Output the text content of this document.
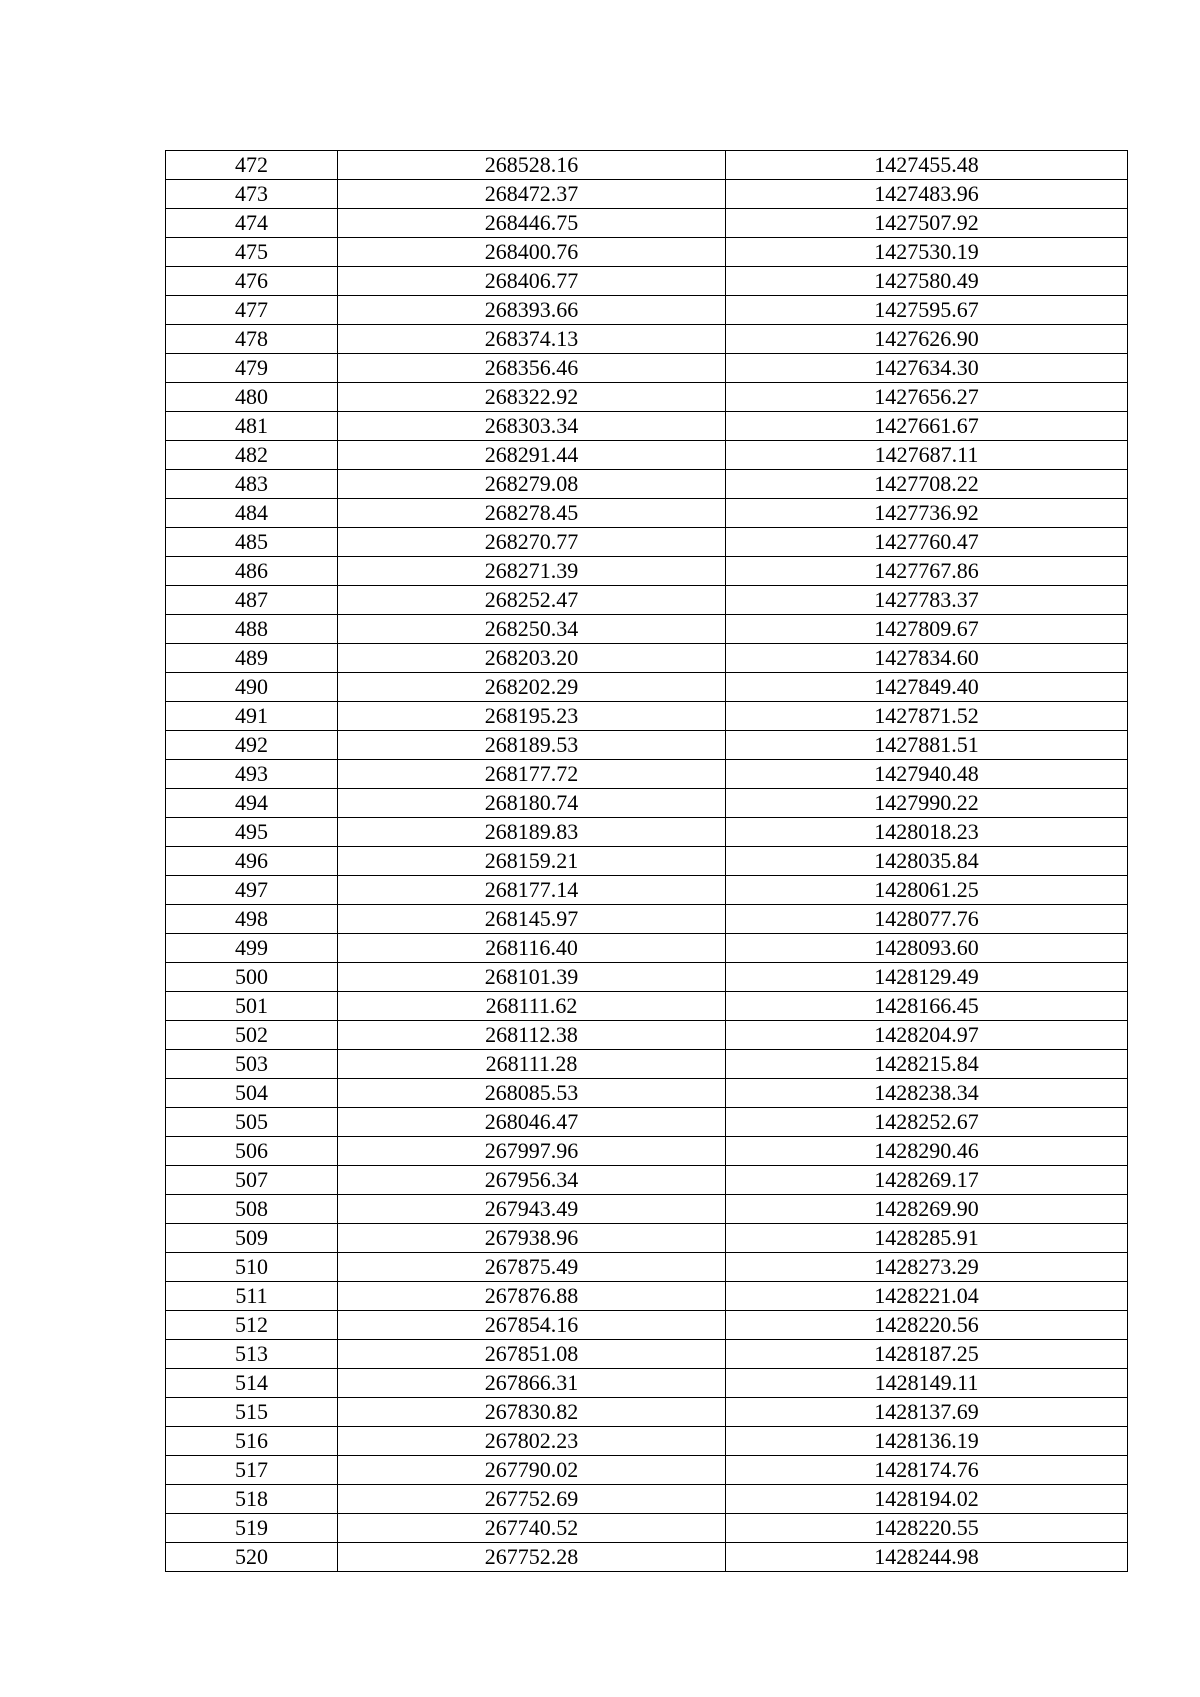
472	268528.16	1427455.48
473	268472.37	1427483.96
474	268446.75	1427507.92
475	268400.76	1427530.19
476	268406.77	1427580.49
477	268393.66	1427595.67
478	268374.13	1427626.90
479	268356.46	1427634.30
480	268322.92	1427656.27
481	268303.34	1427661.67
482	268291.44	1427687.11
483	268279.08	1427708.22
484	268278.45	1427736.92
485	268270.77	1427760.47
486	268271.39	1427767.86
487	268252.47	1427783.37
488	268250.34	1427809.67
489	268203.20	1427834.60
490	268202.29	1427849.40
491	268195.23	1427871.52
492	268189.53	1427881.51
493	268177.72	1427940.48
494	268180.74	1427990.22
495	268189.83	1428018.23
496	268159.21	1428035.84
497	268177.14	1428061.25
498	268145.97	1428077.76
499	268116.40	1428093.60
500	268101.39	1428129.49
501	268111.62	1428166.45
502	268112.38	1428204.97
503	268111.28	1428215.84
504	268085.53	1428238.34
505	268046.47	1428252.67
506	267997.96	1428290.46
507	267956.34	1428269.17
508	267943.49	1428269.90
509	267938.96	1428285.91
510	267875.49	1428273.29
511	267876.88	1428221.04
512	267854.16	1428220.56
513	267851.08	1428187.25
514	267866.31	1428149.11
515	267830.82	1428137.69
516	267802.23	1428136.19
517	267790.02	1428174.76
518	267752.69	1428194.02
519	267740.52	1428220.55
520	267752.28	1428244.98
